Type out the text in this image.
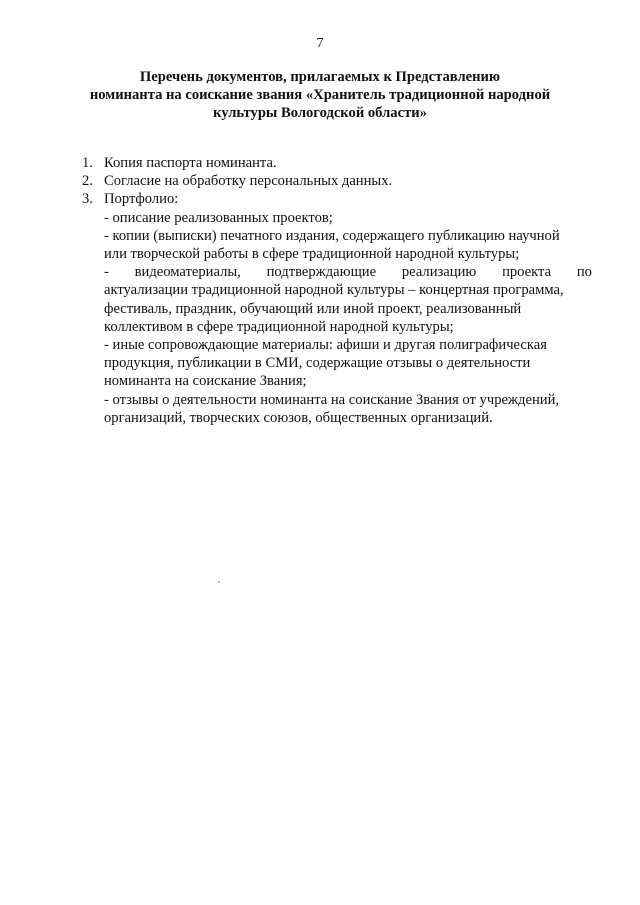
7
Перечень документов, прилагаемых к Представлению
номинанта на соискание звания «Хранитель традиционной народной
культуры Вологодской области»
1. Копия паспорта номинанта.
2. Согласие на обработку персональных данных.
3. Портфолио:
- описание реализованных проектов;
- копии (выписки) печатного издания, содержащего публикацию научной
или творческой работы в сфере традиционной народной культуры;
- видеоматериалы, подтверждающие реализацию проекта по
актуализации традиционной народной культуры – концертная программа,
фестиваль, праздник, обучающий или иной проект, реализованный
коллективом в сфере традиционной народной культуры;
- иные сопровождающие материалы: афиши и другая полиграфическая
продукция, публикации в СМИ, содержащие отзывы о деятельности
номинанта на соискание Звания;
- отзывы о деятельности номинанта на соискание Звания от учреждений,
организаций, творческих союзов, общественных организаций.
